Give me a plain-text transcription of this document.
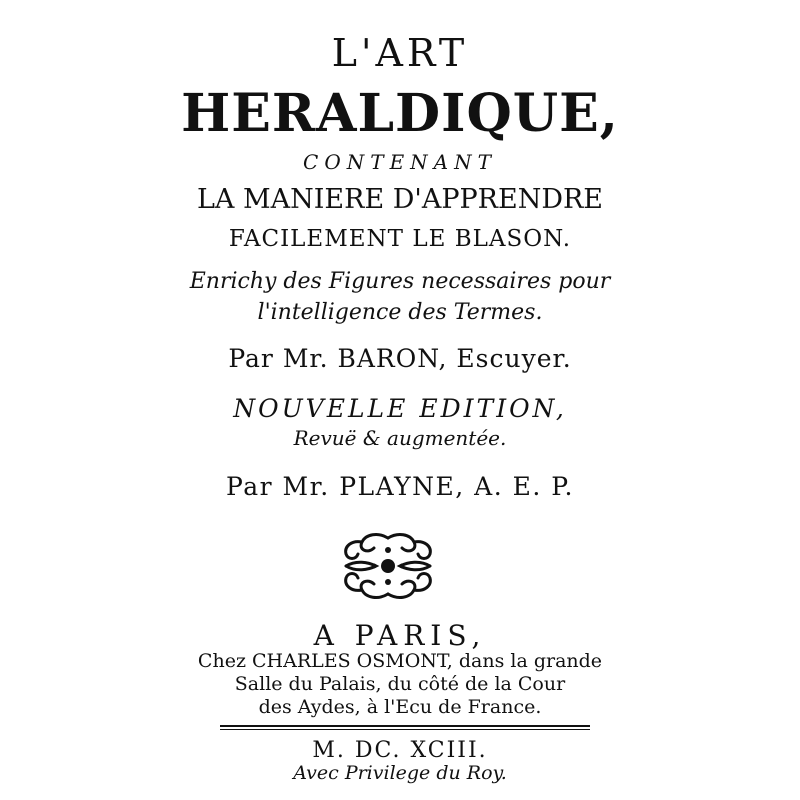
L'ART
HERALDIQUE,
CONTENANT
LA MANIERE D'APPRENDRE
FACILEMENT LE BLASON.
Enrichy des Figures necessaires pour
l'intelligence des Termes.
Par Mr. BARON, Escuyer.
NOUVELLE EDITION,
Revuë & augmentée.
Par Mr. PLAYNE, A. E. P.
A PARIS,
Chez CHARLES OSMONT, dans la grande
Salle du Palais, du côté de la Cour
des Aydes, à l'Ecu de France.
M. DC. XCIII.
Avec Privilege du Roy.
